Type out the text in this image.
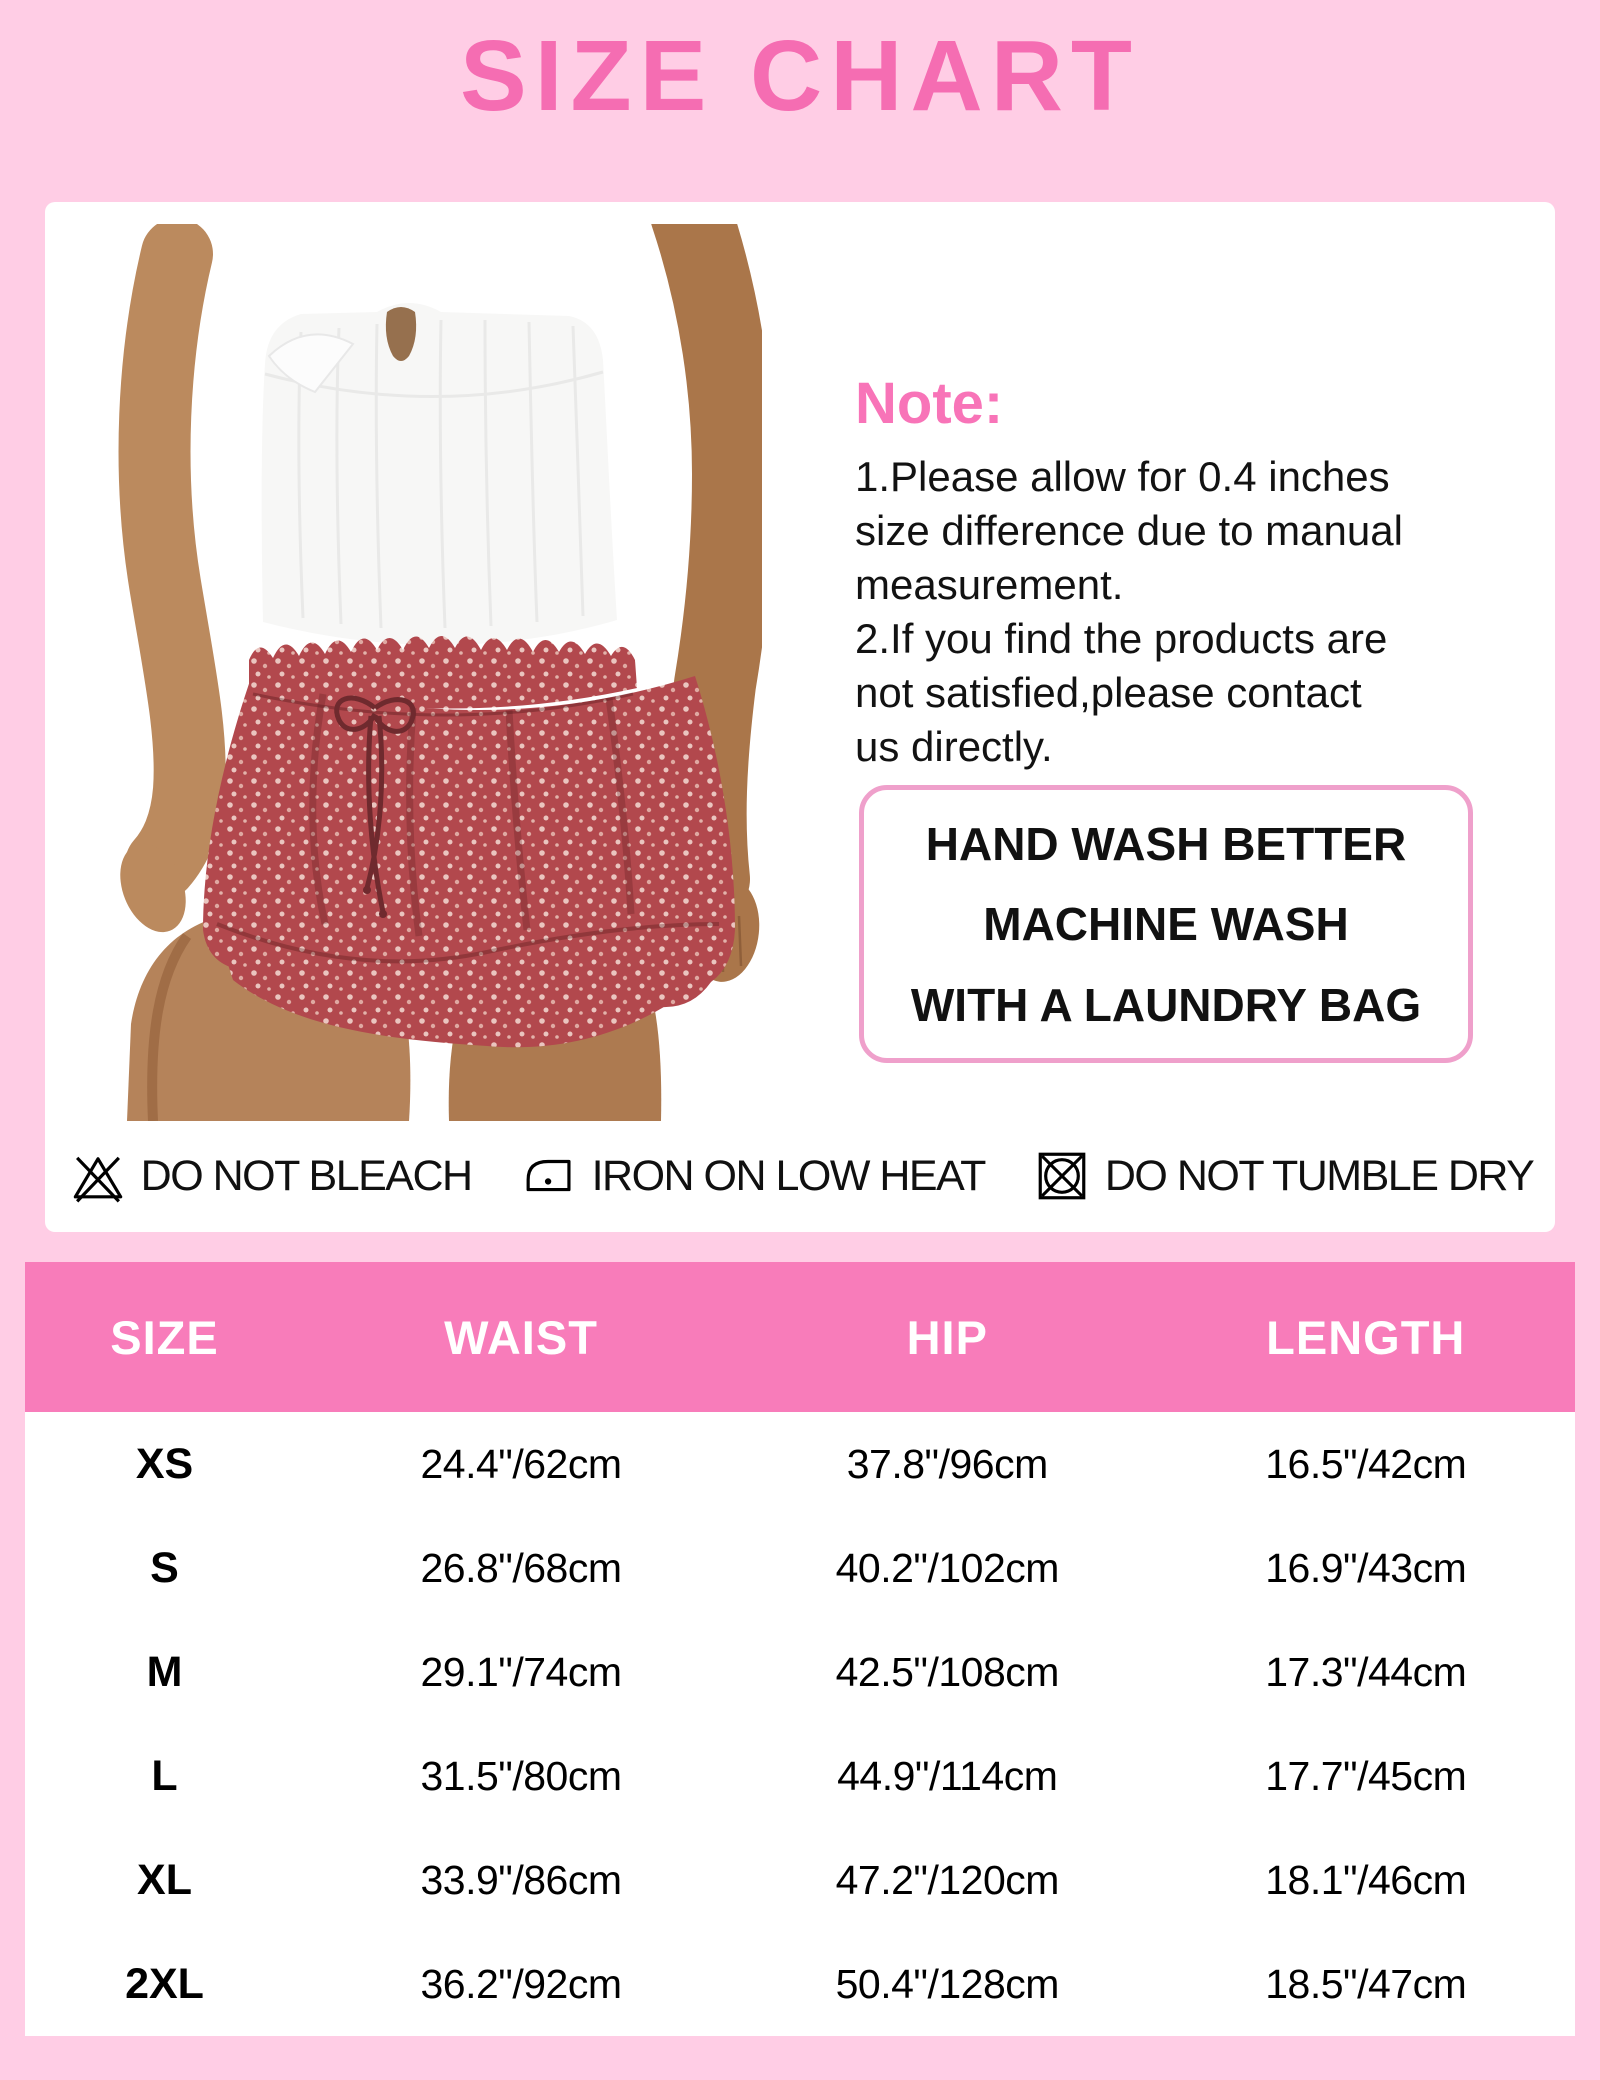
SIZE CHART
Note:
1.Please allow for 0.4 inches
size difference due to manual
measurement.
2.If you find the products are
not satisfied,please contact
us directly.
HAND WASH BETTER
MACHINE WASH
WITH A LAUNDRY BAG
DO NOT BLEACH	IRON ON LOW HEAT	DO NOT TUMBLE DRY
SIZE	WAIST	HIP	LENGTH
XS	24.4"/62cm	37.8"/96cm	16.5"/42cm
S	26.8"/68cm	40.2"/102cm	16.9"/43cm
M	29.1"/74cm	42.5"/108cm	17.3"/44cm
L	31.5"/80cm	44.9"/114cm	17.7"/45cm
XL	33.9"/86cm	47.2"/120cm	18.1"/46cm
2XL	36.2"/92cm	50.4"/128cm	18.5"/47cm
